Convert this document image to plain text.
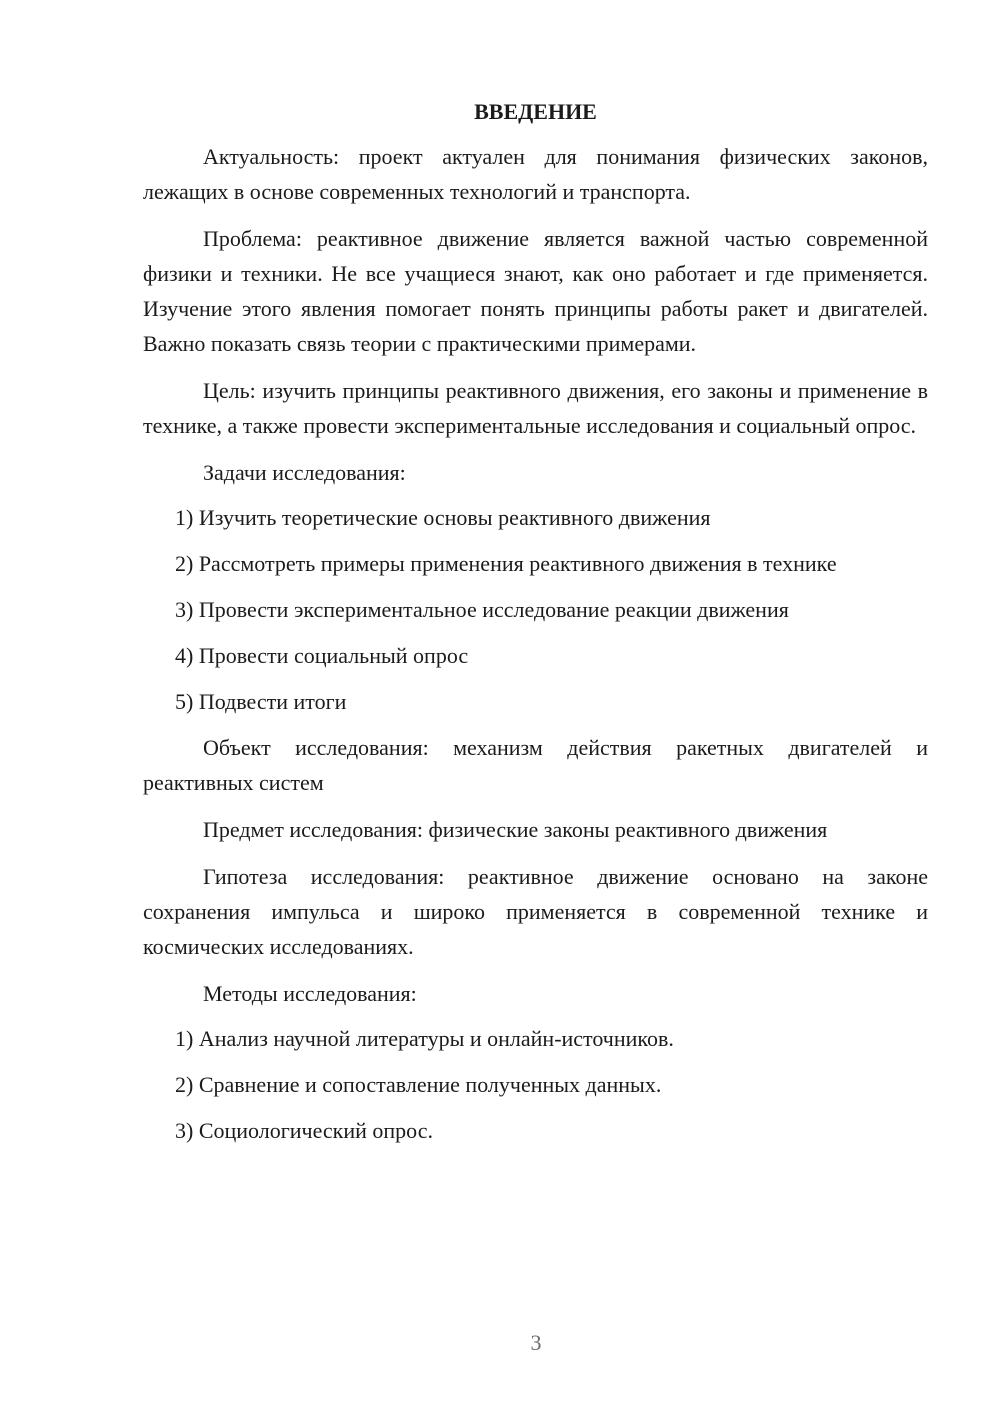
ВВЕДЕНИЕ

Актуальность: проект актуален для понимания физических законов, лежащих в основе современных технологий и транспорта.

Проблема: реактивное движение является важной частью современной физики и техники. Не все учащиеся знают, как оно работает и где применяется. Изучение этого явления помогает понять принципы работы ракет и двигателей. Важно показать связь теории с практическими примерами.

Цель: изучить принципы реактивного движения, его законы и применение в технике, а также провести экспериментальные исследования и социальный опрос.

Задачи исследования:

1) Изучить теоретические основы реактивного движения
2) Рассмотреть примеры применения реактивного движения в технике
3) Провести экспериментальное исследование реакции движения
4) Провести социальный опрос
5) Подвести итоги

Объект исследования: механизм действия ракетных двигателей и реактивных систем

Предмет исследования: физические законы реактивного движения

Гипотеза исследования: реактивное движение основано на законе сохранения импульса и широко применяется в современной технике и космических исследованиях.

Методы исследования:

1) Анализ научной литературы и онлайн-источников.
2) Сравнение и сопоставление полученных данных.
3) Социологический опрос.
3
